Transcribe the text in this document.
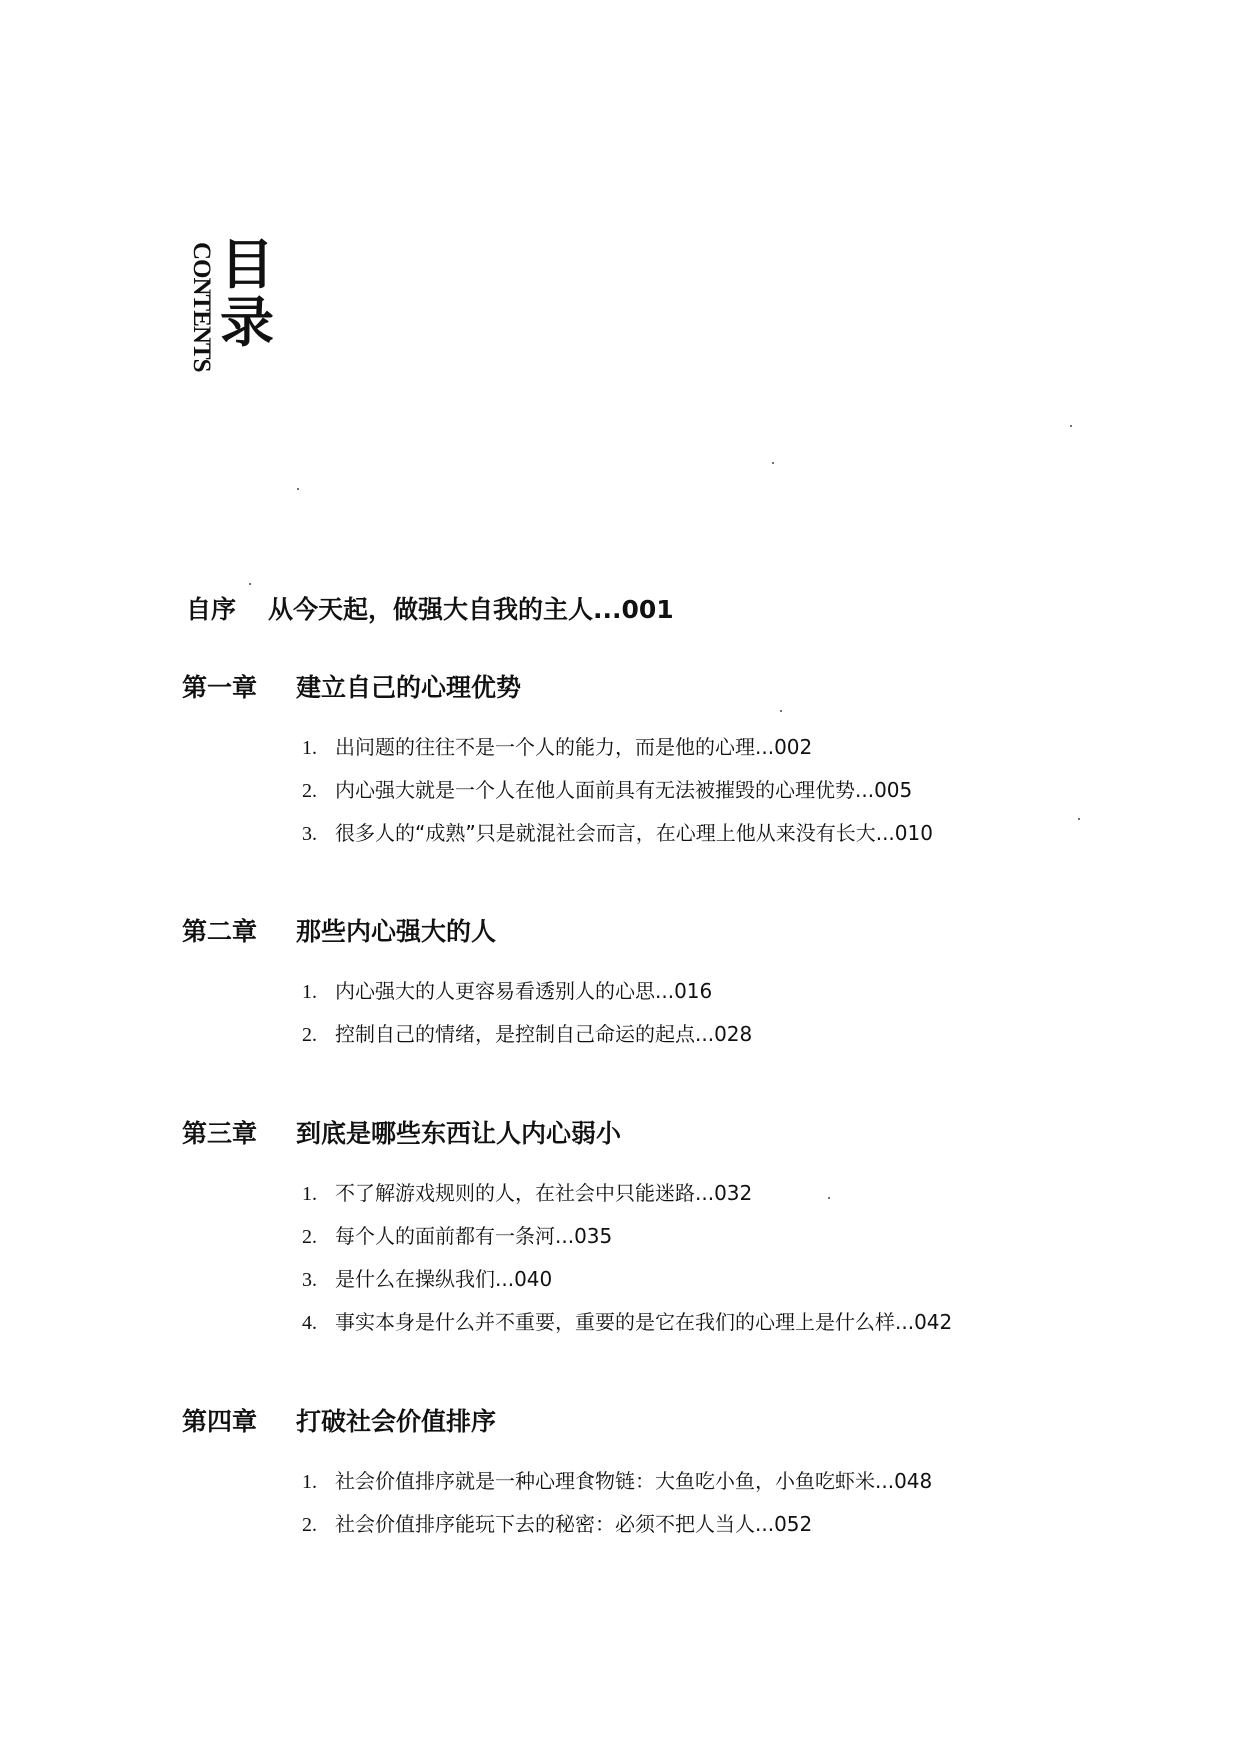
CONTENTS 目
录
自序 从今天起，做强大自我的主人...001
第一章 建立自己的心理优势
1. 出问题的往往不是一个人的能力，而是他的心理...002
2. 内心强大就是一个人在他人面前具有无法被摧毁的心理优势...005
3. 很多人的“成熟”只是就混社会而言，在心理上他从来没有长大...010
第二章 那些内心强大的人
1. 内心强大的人更容易看透别人的心思...016
2. 控制自己的情绪，是控制自己命运的起点...028
第三章 到底是哪些东西让人内心弱小
1. 不了解游戏规则的人，在社会中只能迷路...032
2. 每个人的面前都有一条河...035
3. 是什么在操纵我们...040
4. 事实本身是什么并不重要，重要的是它在我们的心理上是什么样...042
第四章 打破社会价值排序
1. 社会价值排序就是一种心理食物链：大鱼吃小鱼，小鱼吃虾米...048
2. 社会价值排序能玩下去的秘密：必须不把人当人...052
